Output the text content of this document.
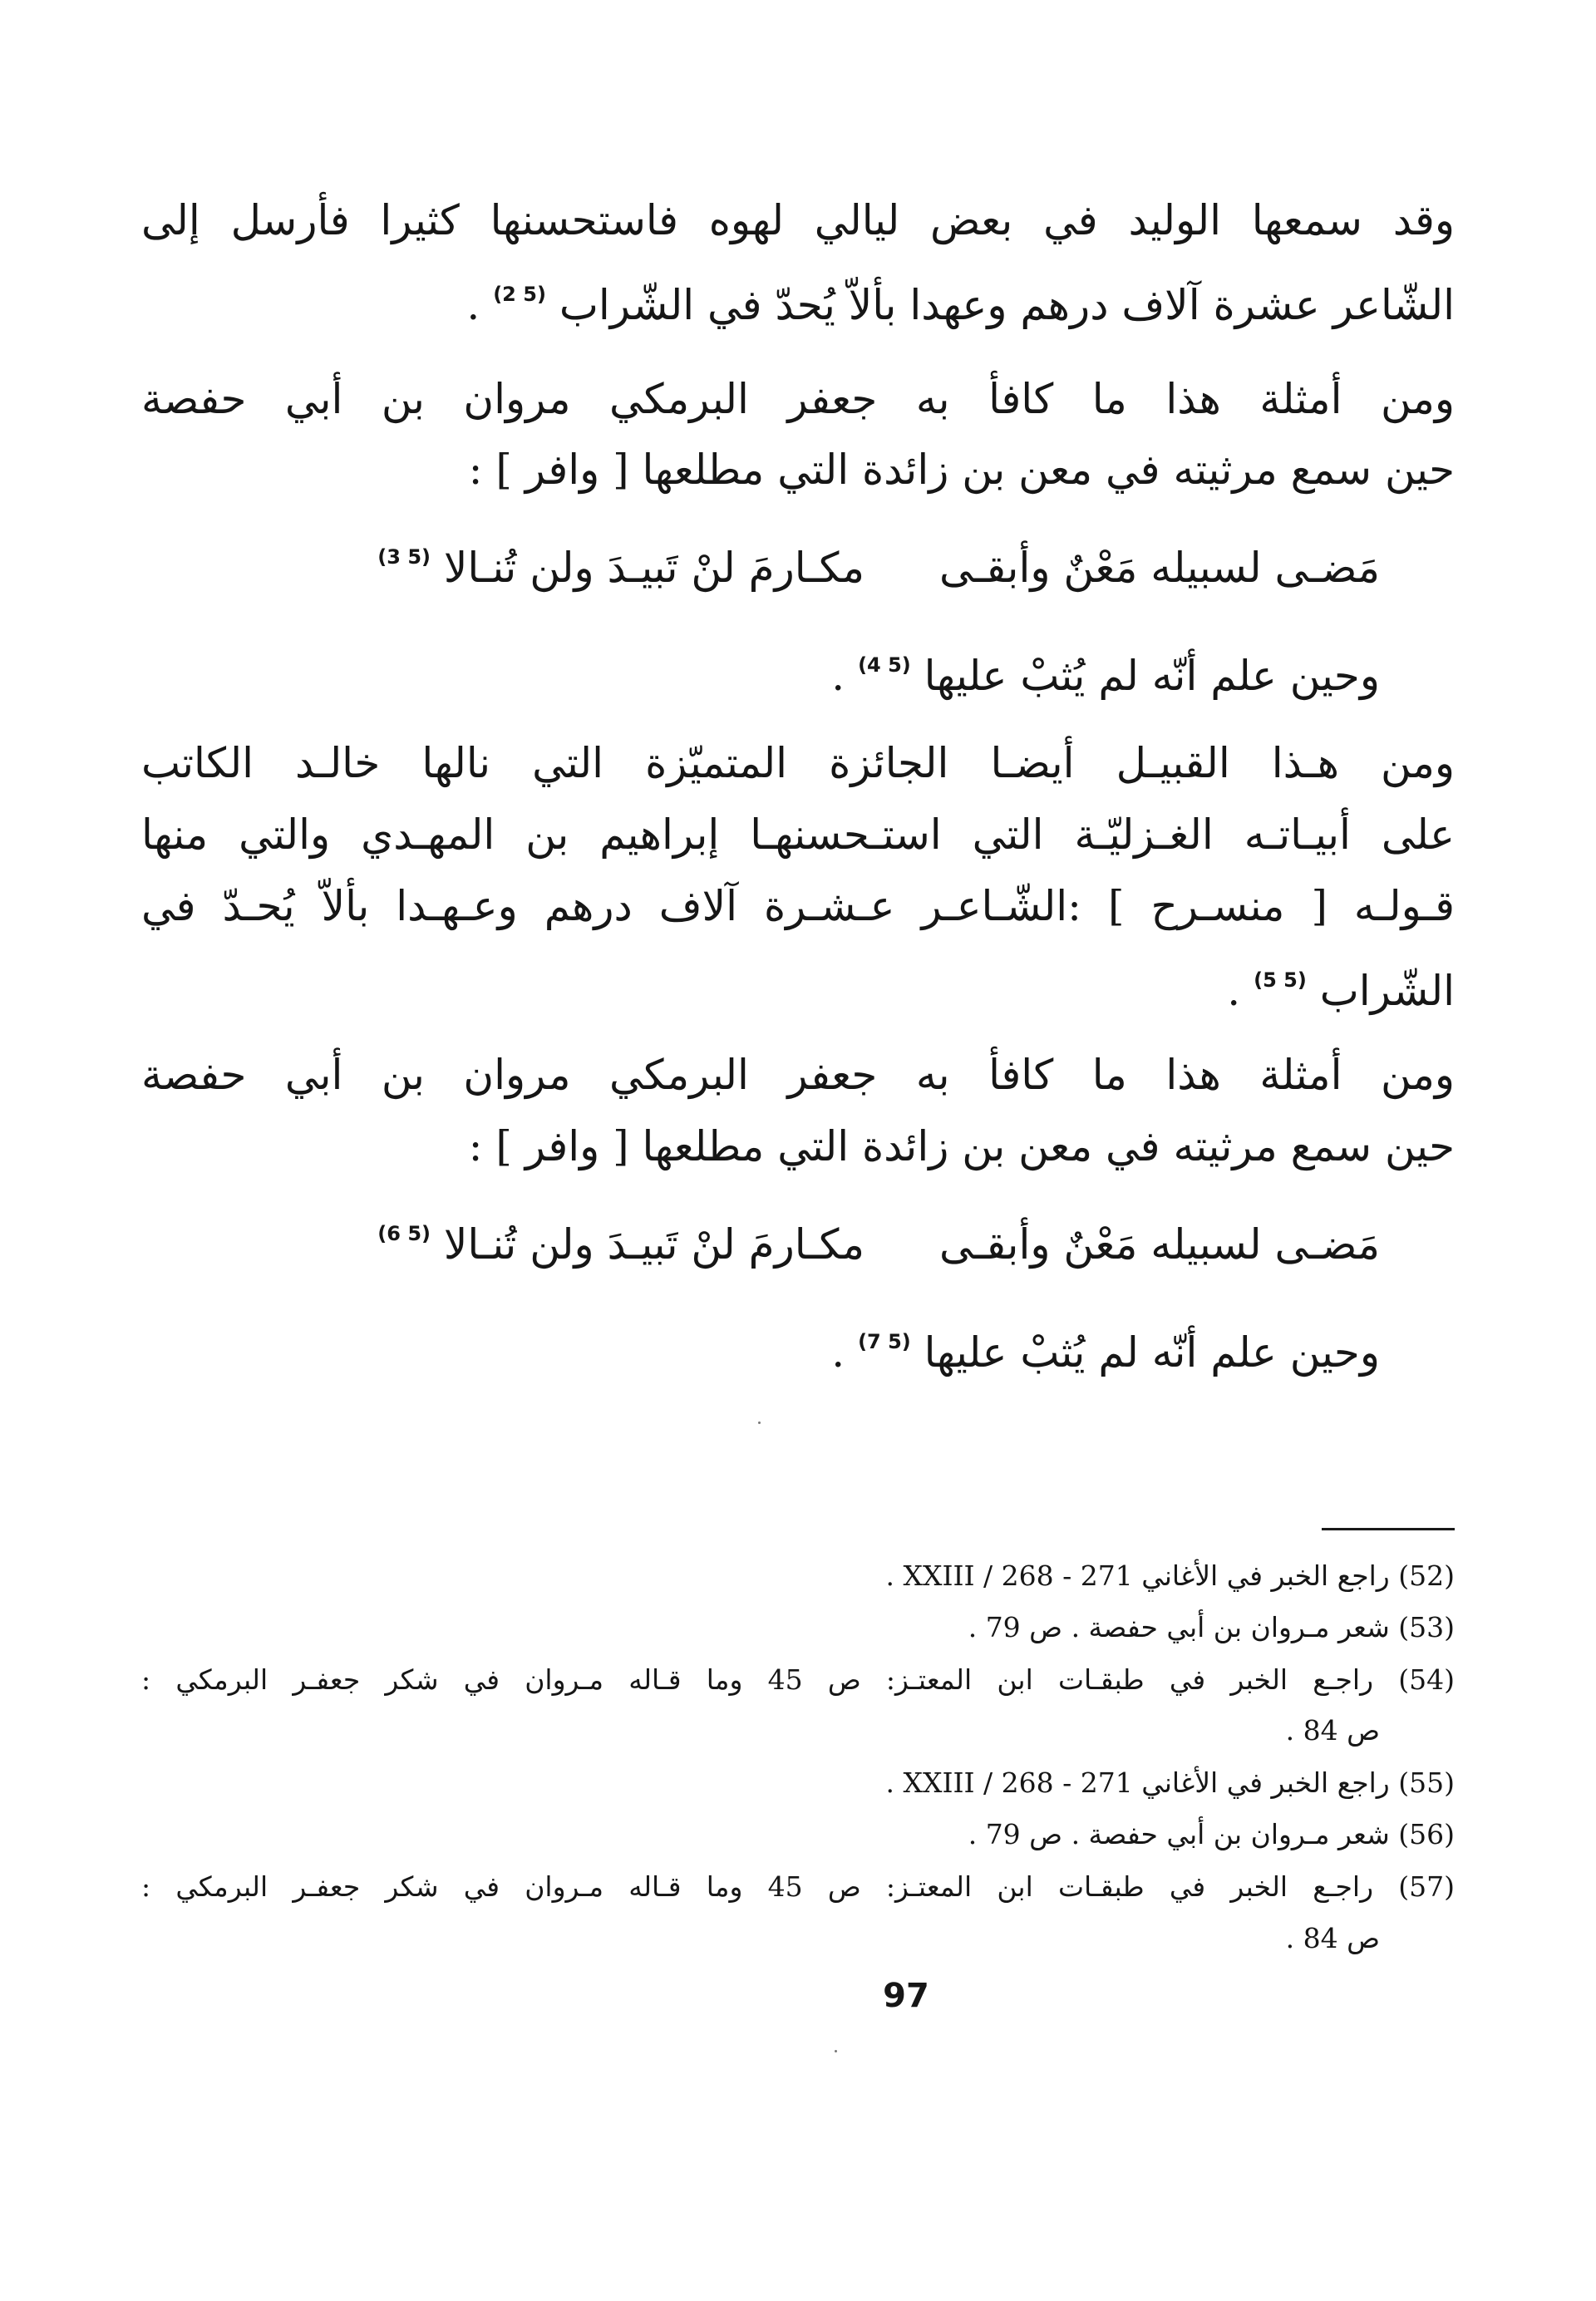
وقد سمعها الوليد في بعض ليالي لهوه فاستحسنها كثيرا فأرسل إلى
الشّاعر عشرة آلاف درهم وعهدا بألاّ يُحدّ في الشّراب $^{(5 2)}$ .
ومن أمثلة هذا ما كافأ به جعفر البرمكي مروان بن أبي حفصة
حين سمع مرثيته في معن بن زائدة التي مطلعها [ وافر ] :
مَضـى لسبيله مَعْنٌ وأبقـى
مكـارمَ لنْ تَبيـدَ ولن تُنـالا $^{(5 3)}$
وحين علم أنّه لم يُثبْ عليها $^{(5 4)}$ .
ومن هـذا القبيـل أيضـا الجائزة المتميّزة التي نالها خالـد الكاتب
على أبيـاتـه الغـزليّـة التي استـحسنهـا إبراهيم بن المهـدي والتي منها
قـولـه [ منسـرح ] :الشّـاعـر عـشـرة آلاف درهم وعـهـدا بألاّ يُحـدّ في
الشّراب $^{(5 5)}$ .
ومن أمثلة هذا ما كافأ به جعفر البرمكي مروان بن أبي حفصة
حين سمع مرثيته في معن بن زائدة التي مطلعها [ وافر ] :
مَضـى لسبيله مَعْنٌ وأبقـى
مكـارمَ لنْ تَبيـدَ ولن تُنـالا $^{(5 6)}$
وحين علم أنّه لم يُثبْ عليها $^{(5 7)}$ .
(52) راجع الخبر في الأغاني XXIII / 268 - 271 .
(53) شعر مـروان بن أبي حفصة . ص 79 .
(54) راجـع الخبر في طبقـات ابن المعتـز: ص 45 وما قـاله مـروان في شكر جعفـر البرمكي :
ص 84 .
(55) راجع الخبر في الأغاني XXIII / 268 - 271 .
(56) شعر مـروان بن أبي حفصة . ص 79 .
(57) راجـع الخبر في طبقـات ابن المعتـز: ص 45 وما قـاله مـروان في شكر جعفـر البرمكي :
ص 84 .
97
